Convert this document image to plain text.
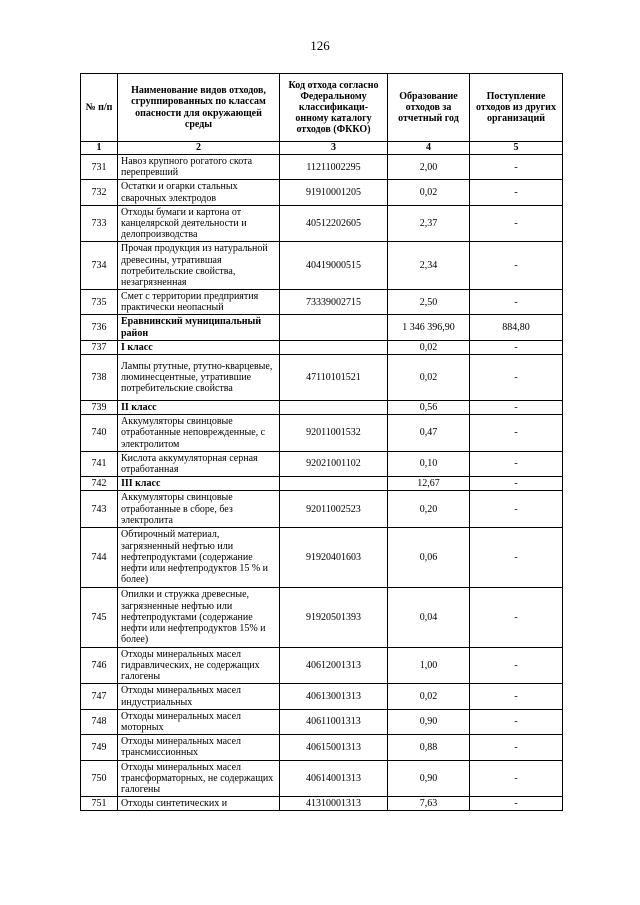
126
№ п/п	Наименование видов отходов, сгруппированных по классам опасности для окружающей среды	Код отхода согласно Федеральному классификаци-онному каталогу отходов (ФККО)	Образование отходов за отчетный год	Поступление отходов из других организаций
1	2	3	4	5
731	Навоз крупного рогатого скота перепревший	11211002295	2,00	-
732	Остатки и огарки стальных сварочных электродов	91910001205	0,02	-
733	Отходы бумаги и картона от канцелярской деятельности и делопроизводства	40512202605	2,37	-
734	Прочая продукция из натуральной древесины, утратившая потребительские свойства, незагрязненная	40419000515	2,34	-
735	Смет с территории предприятия практически неопасный	73339002715	2,50	-
736	Еравнинский муниципальный район		1 346 396,90	884,80
737	I класс		0,02	-
738	Лампы ртутные, ртутно-кварцевые, люминесцентные, утратившие потребительские свойства	47110101521	0,02	-
739	II класс		0,56	-
740	Аккумуляторы свинцовые отработанные неповрежденные, с электролитом	92011001532	0,47	-
741	Кислота аккумуляторная серная отработанная	92021001102	0,10	-
742	III класс		12,67	-
743	Аккумуляторы свинцовые отработанные в сборе, без электролита	92011002523	0,20	-
744	Обтирочный материал, загрязненный нефтью или нефтепродуктами (содержание нефти или нефтепродуктов 15 % и более)	91920401603	0,06	-
745	Опилки и стружка древесные, загрязненные нефтью или нефтепродуктами (содержание нефти или нефтепродуктов 15% и более)	91920501393	0,04	-
746	Отходы минеральных масел гидравлических, не содержащих галогены	40612001313	1,00	-
747	Отходы минеральных масел индустриальных	40613001313	0,02	-
748	Отходы минеральных масел моторных	40611001313	0,90	-
749	Отходы минеральных масел трансмиссионных	40615001313	0,88	-
750	Отходы минеральных масел трансформаторных, не содержащих галогены	40614001313	0,90	-
751	Отходы синтетических и	41310001313	7,63	-
